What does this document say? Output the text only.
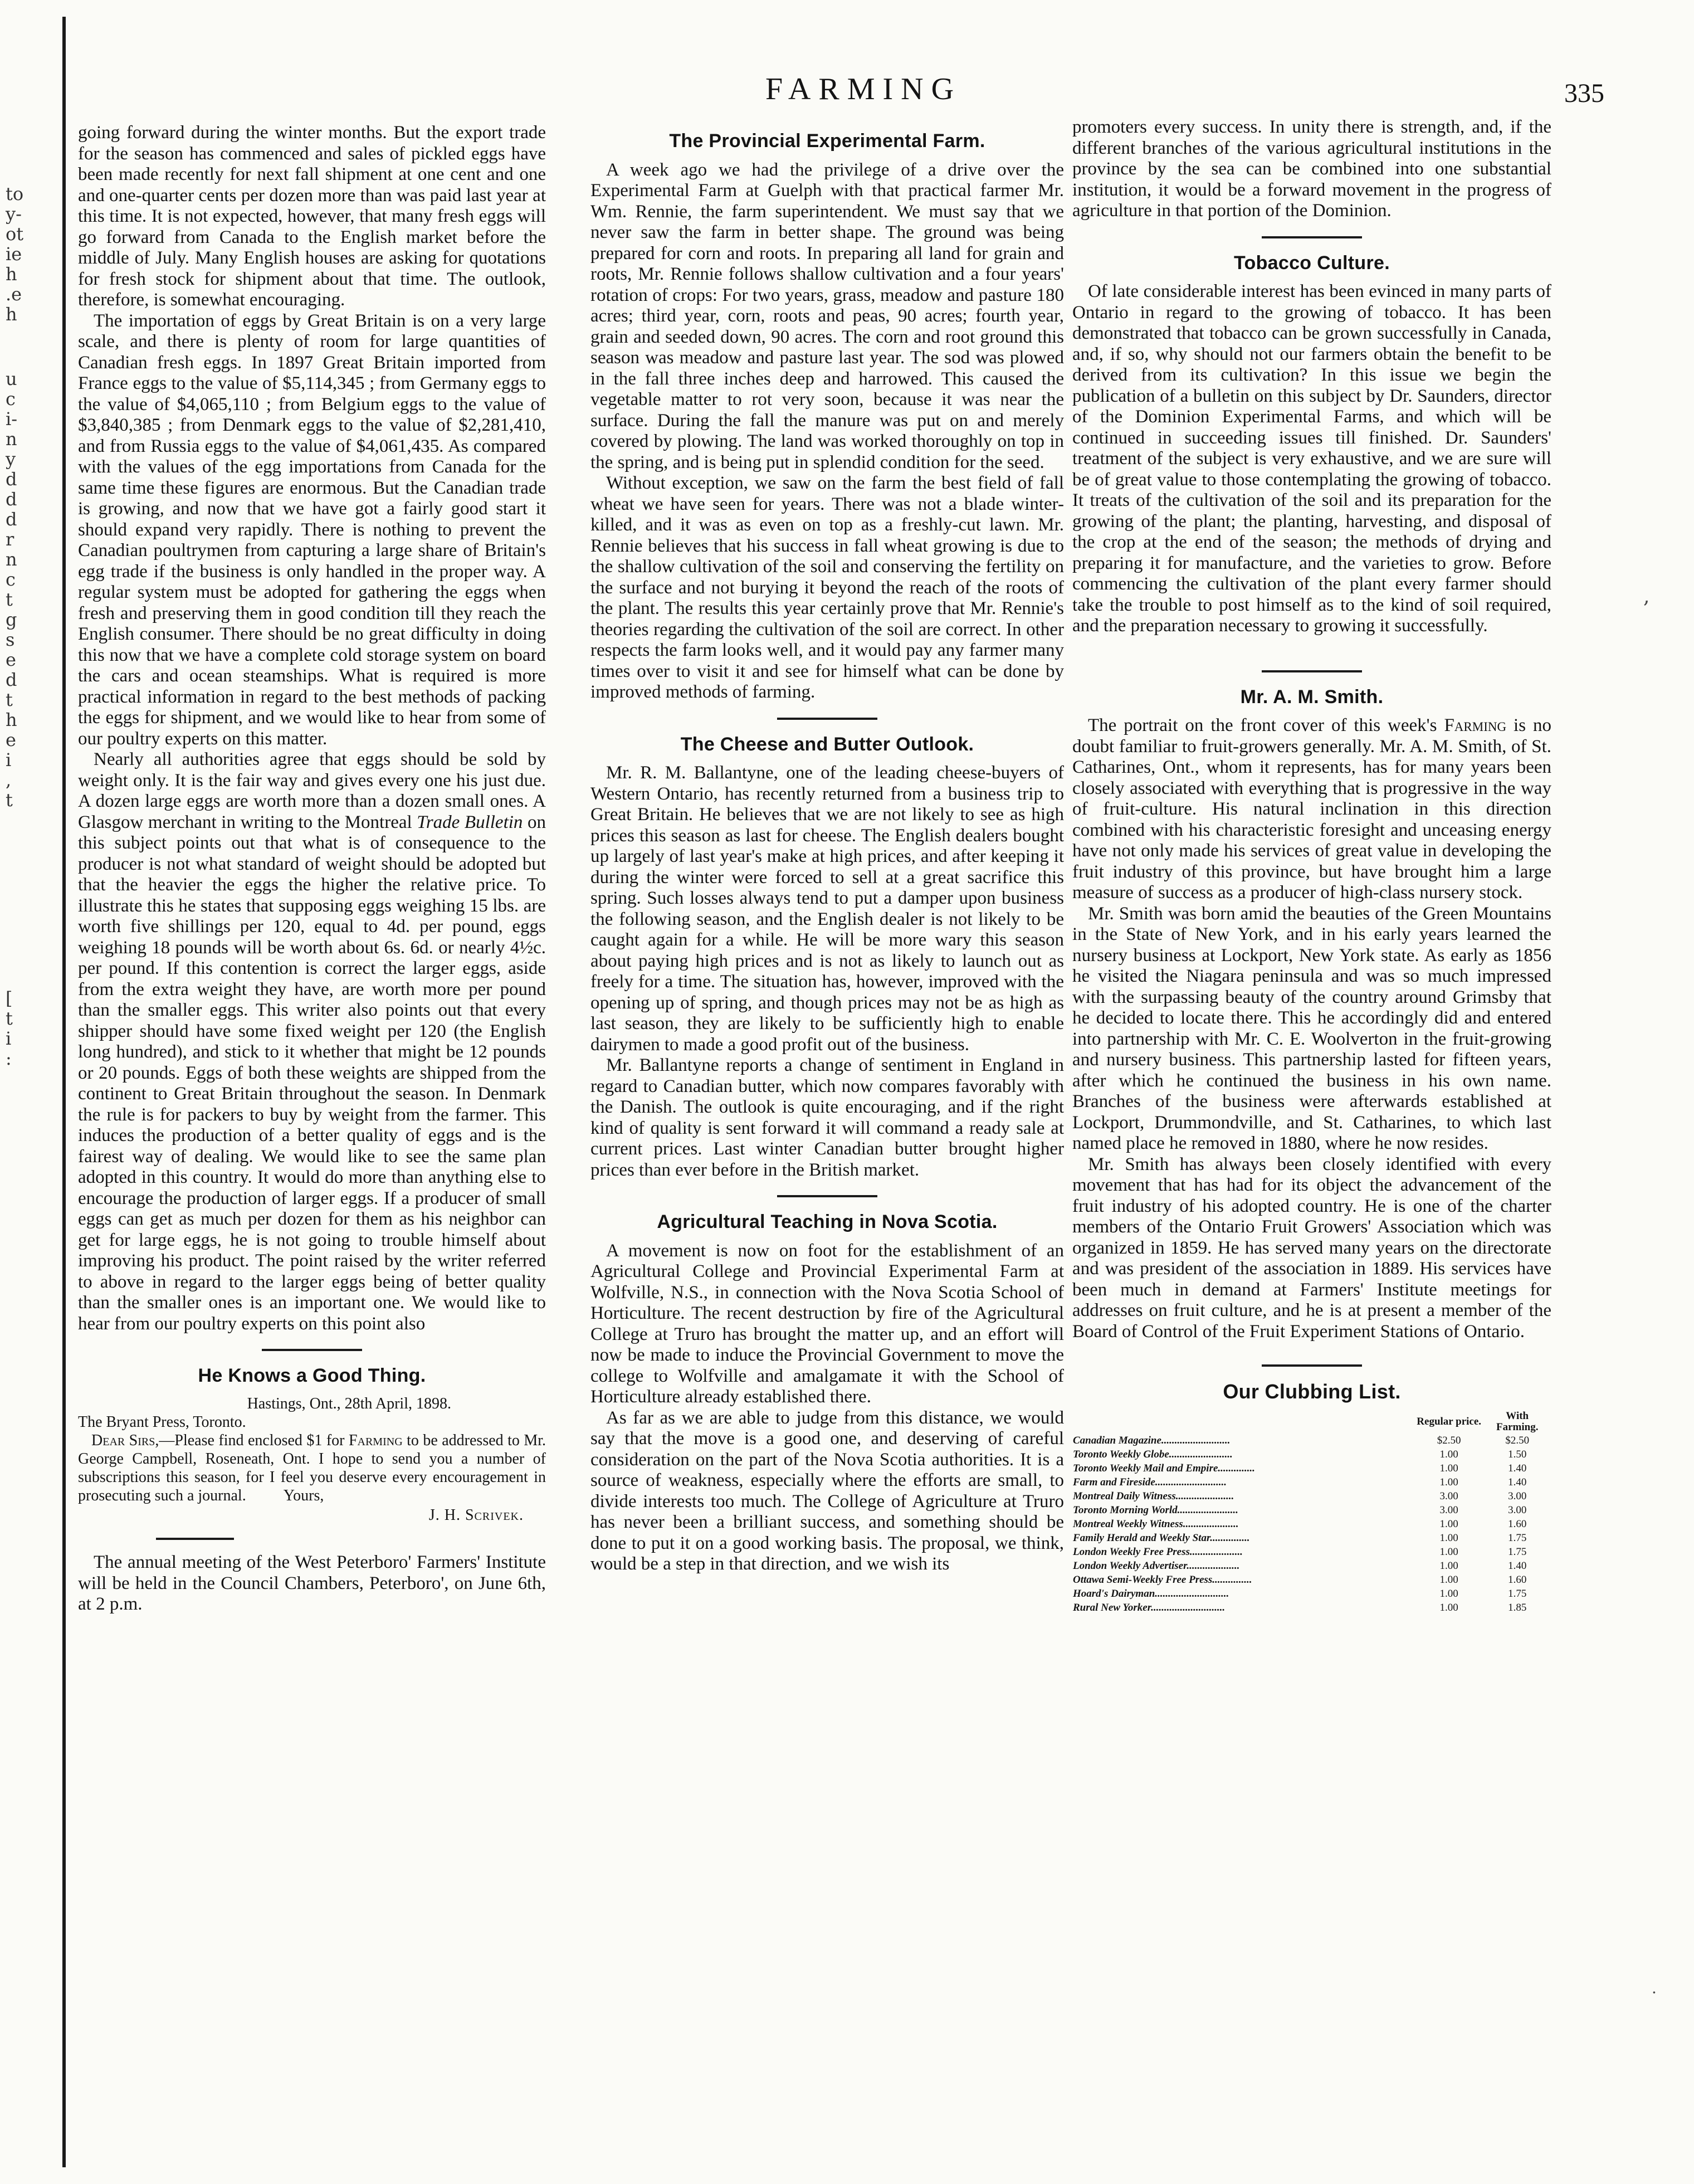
to
y-
ot
ie
h
.e
h
u
c
i-
n
y
d
d
d
r
n
c
t
g
s
e
d
t
h
e
i
,
t
[
t
i
:
FARMING	335

going forward during the winter months. But the export trade for the season has commenced and sales of pickled eggs have been made recently for next fall shipment at one cent and one and one-quarter cents per dozen more than was paid last year at this time. It is not expected, however, that many fresh eggs will go forward from Canada to the English market before the middle of July. Many English houses are asking for quotations for fresh stock for shipment about that time. The outlook, therefore, is somewhat encouraging.

The importation of eggs by Great Britain is on a very large scale, and there is plenty of room for large quantities of Canadian fresh eggs. In 1897 Great Britain imported from France eggs to the value of $5,114,345 ; from Germany eggs to the value of $4,065,110 ; from Belgium eggs to the value of $3,840,385 ; from Denmark eggs to the value of $2,281,410, and from Russia eggs to the value of $4,061,435. As compared with the values of the egg importations from Canada for the same time these figures are enormous. But the Canadian trade is growing, and now that we have got a fairly good start it should expand very rapidly. There is nothing to prevent the Canadian poultrymen from capturing a large share of Britain's egg trade if the business is only handled in the proper way. A regular system must be adopted for gathering the eggs when fresh and preserving them in good condition till they reach the English consumer. There should be no great difficulty in doing this now that we have a complete cold storage system on board the cars and ocean steamships. What is required is more practical information in regard to the best methods of packing the eggs for shipment, and we would like to hear from some of our poultry experts on this matter.

Nearly all authorities agree that eggs should be sold by weight only. It is the fair way and gives every one his just due. A dozen large eggs are worth more than a dozen small ones. A Glasgow merchant in writing to the Montreal Trade Bulletin on this subject points out that what is of consequence to the producer is not what standard of weight should be adopted but that the heavier the eggs the higher the relative price. To illustrate this he states that supposing eggs weighing 15 lbs. are worth five shillings per 120, equal to 4d. per pound, eggs weighing 18 pounds will be worth about 6s. 6d. or nearly 4½c. per pound. If this contention is correct the larger eggs, aside from the extra weight they have, are worth more per pound than the smaller eggs. This writer also points out that every shipper should have some fixed weight per 120 (the English long hundred), and stick to it whether that might be 12 pounds or 20 pounds. Eggs of both these weights are shipped from the continent to Great Britain throughout the season. In Denmark the rule is for packers to buy by weight from the farmer. This induces the production of a better quality of eggs and is the fairest way of dealing. We would like to see the same plan adopted in this country. It would do more than anything else to encourage the production of larger eggs. If a producer of small eggs can get as much per dozen for them as his neighbor can get for large eggs, he is not going to trouble himself about improving his product. The point raised by the writer referred to above in regard to the larger eggs being of better quality than the smaller ones is an important one. We would like to hear from our poultry experts on this point also

He Knows a Good Thing.
Hastings, Ont., 28th April, 1898.
The Bryant Press, Toronto.

Dear Sirs,—Please find enclosed $1 for Farming to be addressed to Mr. George Campbell, Roseneath, Ont. I hope to send you a number of subscriptions this season, for I feel you deserve every encouragement in prosecuting such a journal. Yours,

J. H. Scrivek.

The annual meeting of the West Peterboro' Farmers' Institute will be held in the Council Chambers, Peterboro', on June 6th, at 2 p.m.

The Provincial Experimental Farm.

A week ago we had the privilege of a drive over the Experimental Farm at Guelph with that practical farmer Mr. Wm. Rennie, the farm superintendent. We must say that we never saw the farm in better shape. The ground was being prepared for corn and roots. In preparing all land for grain and roots, Mr. Rennie follows shallow cultivation and a four years' rotation of crops: For two years, grass, meadow and pasture 180 acres; third year, corn, roots and peas, 90 acres; fourth year, grain and seeded down, 90 acres. The corn and root ground this season was meadow and pasture last year. The sod was plowed in the fall three inches deep and harrowed. This caused the vegetable matter to rot very soon, because it was near the surface. During the fall the manure was put on and merely covered by plowing. The land was worked thoroughly on top in the spring, and is being put in splendid condition for the seed.

Without exception, we saw on the farm the best field of fall wheat we have seen for years. There was not a blade winter-killed, and it was as even on top as a freshly-cut lawn. Mr. Rennie believes that his success in fall wheat growing is due to the shallow cultivation of the soil and conserving the fertility on the surface and not burying it beyond the reach of the roots of the plant. The results this year certainly prove that Mr. Rennie's theories regarding the cultivation of the soil are correct. In other respects the farm looks well, and it would pay any farmer many times over to visit it and see for himself what can be done by improved methods of farming.

The Cheese and Butter Outlook.

Mr. R. M. Ballantyne, one of the leading cheese-buyers of Western Ontario, has recently returned from a business trip to Great Britain. He believes that we are not likely to see as high prices this season as last for cheese. The English dealers bought up largely of last year's make at high prices, and after keeping it during the winter were forced to sell at a great sacrifice this spring. Such losses always tend to put a damper upon business the following season, and the English dealer is not likely to be caught again for a while. He will be more wary this season about paying high prices and is not as likely to launch out as freely for a time. The situation has, however, improved with the opening up of spring, and though prices may not be as high as last season, they are likely to be sufficiently high to enable dairymen to made a good profit out of the business.

Mr. Ballantyne reports a change of sentiment in England in regard to Canadian butter, which now compares favorably with the Danish. The outlook is quite encouraging, and if the right kind of quality is sent forward it will command a ready sale at current prices. Last winter Canadian butter brought higher prices than ever before in the British market.

Agricultural Teaching in Nova Scotia.

A movement is now on foot for the establishment of an Agricultural College and Provincial Experimental Farm at Wolfville, N.S., in connection with the Nova Scotia School of Horticulture. The recent destruction by fire of the Agricultural College at Truro has brought the matter up, and an effort will now be made to induce the Provincial Government to move the college to Wolfville and amalgamate it with the School of Horticulture already established there.

As far as we are able to judge from this distance, we would say that the move is a good one, and deserving of careful consideration on the part of the Nova Scotia authorities. It is a source of weakness, especially where the efforts are small, to divide interests too much. The College of Agriculture at Truro has never been a brilliant success, and something should be done to put it on a good working basis. The proposal, we think, would be a step in that direction, and we wish its

promoters every success. In unity there is strength, and, if the different branches of the various agricultural institutions in the province by the sea can be combined into one substantial institution, it would be a forward movement in the progress of agriculture in that portion of the Dominion.

Tobacco Culture.

Of late considerable interest has been evinced in many parts of Ontario in regard to the growing of tobacco. It has been demonstrated that tobacco can be grown successfully in Canada, and, if so, why should not our farmers obtain the benefit to be derived from its cultivation? In this issue we begin the publication of a bulletin on this subject by Dr. Saunders, director of the Dominion Experimental Farms, and which will be continued in succeeding issues till finished. Dr. Saunders' treatment of the subject is very exhaustive, and we are sure will be of great value to those contemplating the growing of tobacco. It treats of the cultivation of the soil and its preparation for the growing of the plant; the planting, harvesting, and disposal of the crop at the end of the season; the methods of drying and preparing it for manufacture, and the varieties to grow. Before commencing the cultivation of the plant every farmer should take the trouble to post himself as to the kind of soil required, and the preparation necessary to growing it successfully.

Mr. A. M. Smith.

The portrait on the front cover of this week's Farming is no doubt familiar to fruit-growers generally. Mr. A. M. Smith, of St. Catharines, Ont., whom it represents, has for many years been closely associated with everything that is progressive in the way of fruit-culture. His natural inclination in this direction combined with his characteristic foresight and unceasing energy have not only made his services of great value in developing the fruit industry of this province, but have brought him a large measure of success as a producer of high-class nursery stock.

Mr. Smith was born amid the beauties of the Green Mountains in the State of New York, and in his early years learned the nursery business at Lockport, New York state. As early as 1856 he visited the Niagara peninsula and was so much impressed with the surpassing beauty of the country around Grimsby that he decided to locate there. This he accordingly did and entered into partnership with Mr. C. E. Woolverton in the fruit-growing and nursery business. This partnership lasted for fifteen years, after which he continued the business in his own name. Branches of the business were afterwards established at Lockport, Drummondville, and St. Catharines, to which last named place he removed in 1880, where he now resides.

Mr. Smith has always been closely identified with every movement that has had for its object the advancement of the fruit industry of his adopted country. He is one of the charter members of the Ontario Fruit Growers' Association which was organized in 1859. He has served many years on the directorate and was president of the association in 1889. His services have been much in demand at Farmers' Institute meetings for addresses on fruit culture, and he is at present a member of the Board of Control of the Fruit Experiment Stations of Ontario.

Our Clubbing List.
	Regular price.	With Farming.
Canadian Magazine..........................	$2.50	$2.50
Toronto Weekly Globe........................	1.00	1.50
Toronto Weekly Mail and Empire..............	1.00	1.40
Farm and Fireside...........................	1.00	1.40
Montreal Daily Witness......................	3.00	3.00
Toronto Morning World.......................	3.00	3.00
Montreal Weekly Witness.....................	1.00	1.60
Family Herald and Weekly Star...............	1.00	1.75
London Weekly Free Press....................	1.00	1.75
London Weekly Advertiser....................	1.00	1.40
Ottawa Semi-Weekly Free Press...............	1.00	1.60
Hoard's Dairyman............................	1.00	1.75
Rural New Yorker............................	1.00	1.85
,
·
